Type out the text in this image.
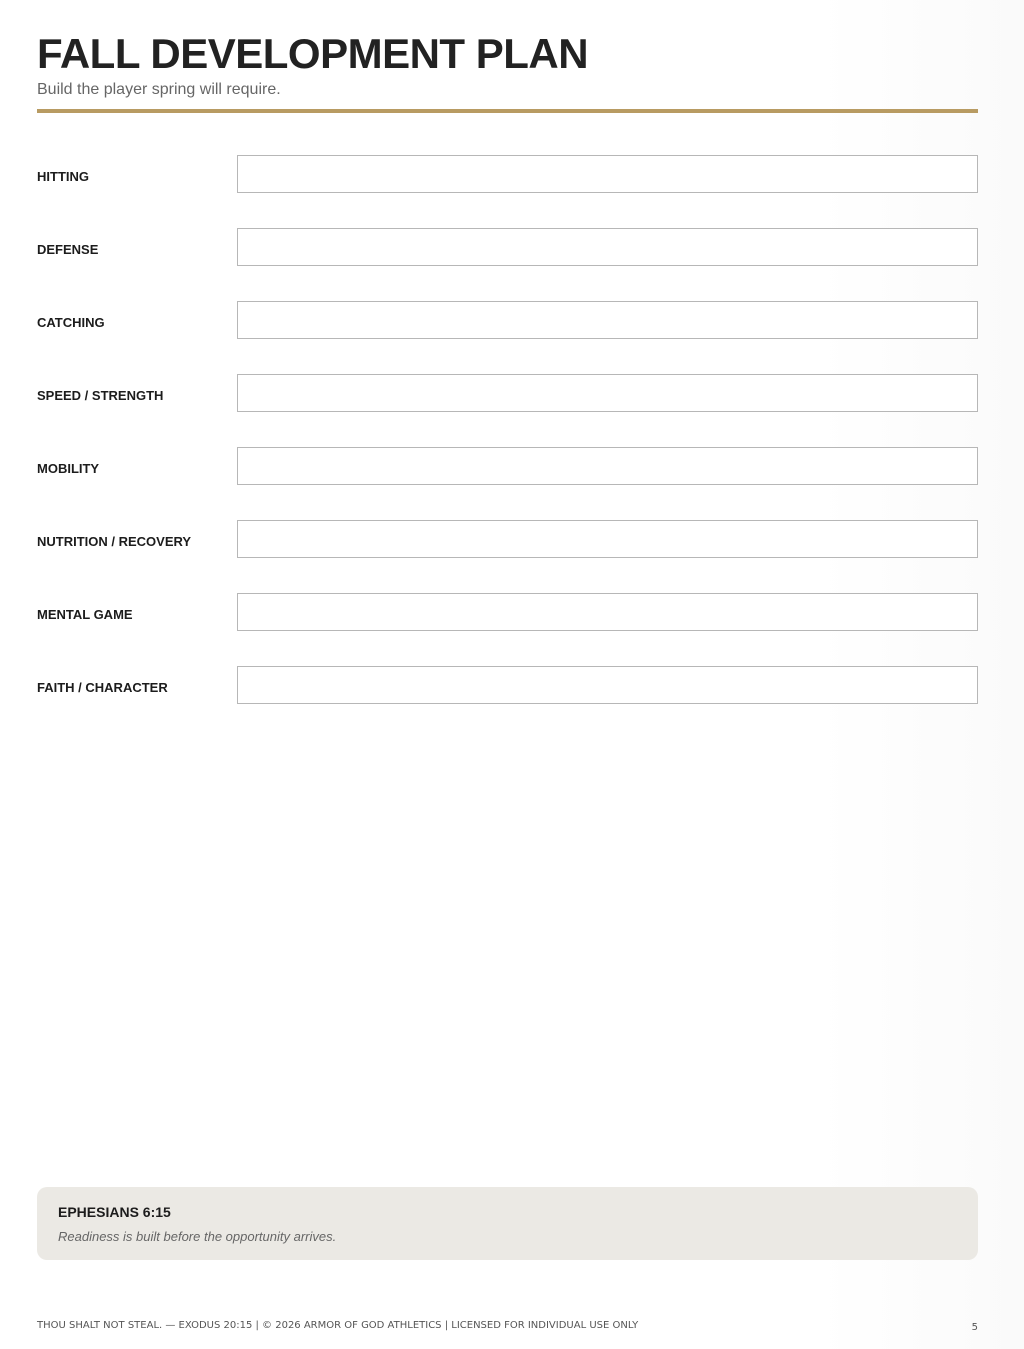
FALL DEVELOPMENT PLAN

Build the player spring will require.

HITTING
DEFENSE
CATCHING
SPEED / STRENGTH
MOBILITY
NUTRITION / RECOVERY
MENTAL GAME
FAITH / CHARACTER

EPHESIANS 6:15

Readiness is built before the opportunity arrives.

THOU SHALT NOT STEAL. — EXODUS 20:15 | © 2026 ARMOR OF GOD ATHLETICS | LICENSED FOR INDIVIDUAL USE ONLY	5
